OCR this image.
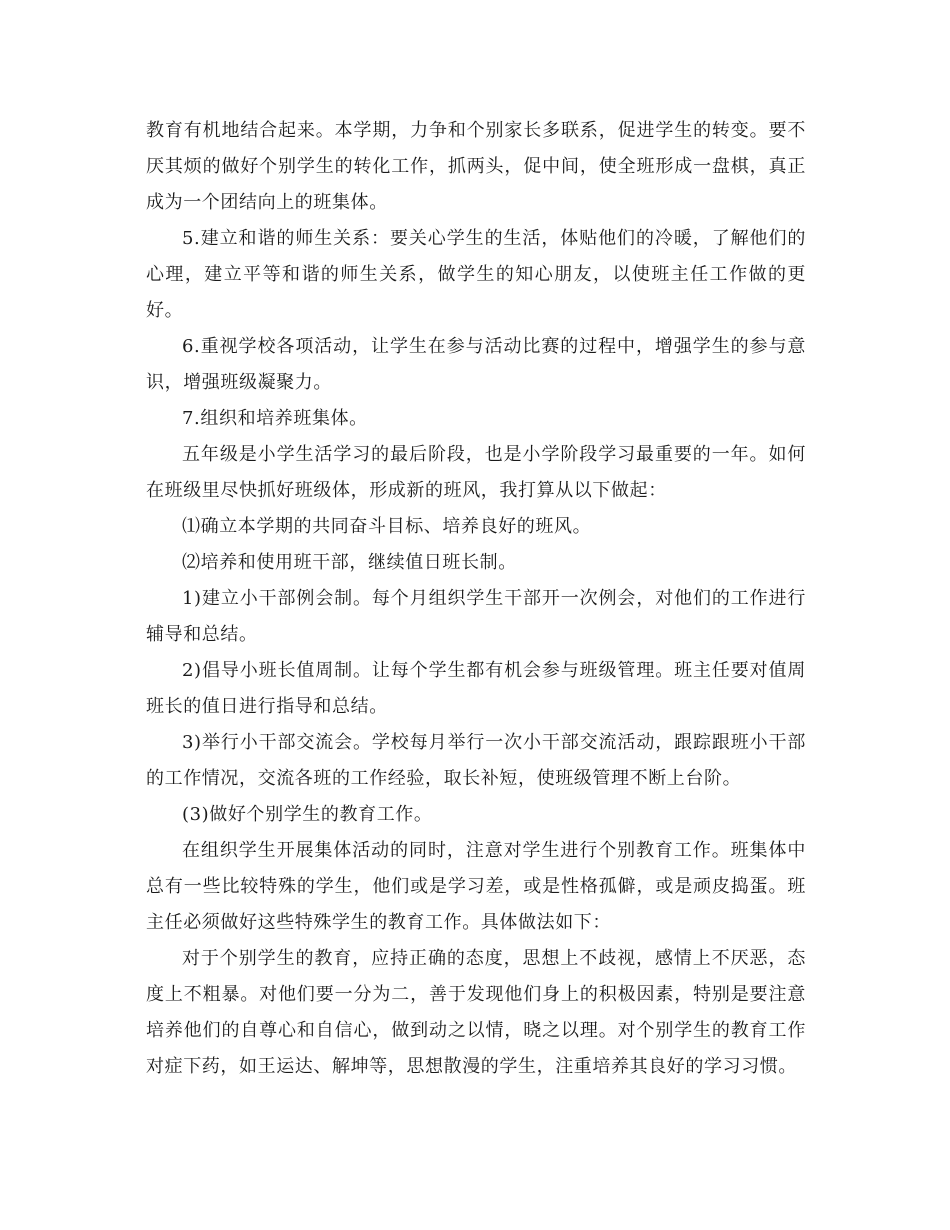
教育有机地结合起来。本学期，力争和个别家长多联系，促进学生的转变。要不厌其烦的做好个别学生的转化工作，抓两头，促中间，使全班形成一盘棋，真正成为一个团结向上的班集体。

5.建立和谐的师生关系：要关心学生的生活，体贴他们的冷暖，了解他们的心理，建立平等和谐的师生关系，做学生的知心朋友，以使班主任工作做的更好。

6.重视学校各项活动，让学生在参与活动比赛的过程中，增强学生的参与意识，增强班级凝聚力。

7.组织和培养班集体。

五年级是小学生活学习的最后阶段，也是小学阶段学习最重要的一年。如何在班级里尽快抓好班级体，形成新的班风，我打算从以下做起：

⑴确立本学期的共同奋斗目标、培养良好的班风。

⑵培养和使用班干部，继续值日班长制。

1)建立小干部例会制。每个月组织学生干部开一次例会，对他们的工作进行辅导和总结。

2)倡导小班长值周制。让每个学生都有机会参与班级管理。班主任要对值周班长的值日进行指导和总结。

3)举行小干部交流会。学校每月举行一次小干部交流活动，跟踪跟班小干部的工作情况，交流各班的工作经验，取长补短，使班级管理不断上台阶。

(3)做好个别学生的教育工作。

在组织学生开展集体活动的同时，注意对学生进行个别教育工作。班集体中总有一些比较特殊的学生，他们或是学习差，或是性格孤僻，或是顽皮捣蛋。班主任必须做好这些特殊学生的教育工作。具体做法如下：

对于个别学生的教育，应持正确的态度，思想上不歧视，感情上不厌恶，态度上不粗暴。对他们要一分为二，善于发现他们身上的积极因素，特别是要注意培养他们的自尊心和自信心，做到动之以情，晓之以理。对个别学生的教育工作对症下药，如王运达、解坤等，思想散漫的学生，注重培养其良好的学习习惯。
